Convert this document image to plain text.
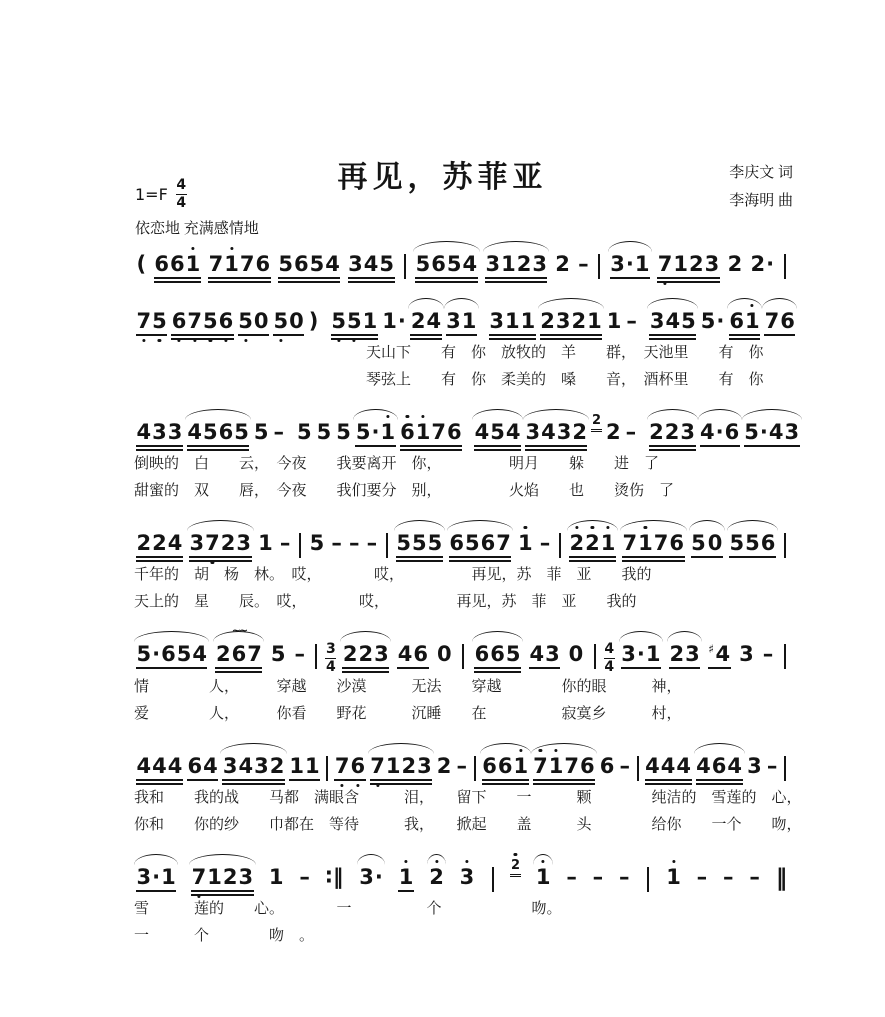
再见，苏菲亚	李庆文 词
李海明 曲
1=F 4
4
依恋地 充满感情地
( 6 6 1 7 1 7 6 5 6 5 4 3 4 5 5 6 5 4 3 1 2 3 2 – 3 · 1 7 1 2 3 2 2 ·
7 5 6 7 5 6 5 0 5 0 ) 5 5 1 1 · 2 4 3 1 3 1 1 2 3 2 1 1 – 3 4 5 5 · 6 1 7 6
天山下　　有　你　放牧的　羊　　群，　天池里　　有　你
琴弦上　　有　你　柔美的　嗓　　音，　酒杯里　　有　你
4 3 3 4 5 6 5 5 – 5 5 5 5 · 1 6 1 7 6 4 5 4 3 4 3 2 2 2 – 2 2 3 4 · 6 5 · 4 3
倒映的　白　　云，　今夜　　我要离开　你，　　　　　明月　　躲　　进　了
甜蜜的　双　　唇，　今夜　　我们要分　别，　　　　　火焰　　也　　烫伤　了
2 2 4 3 7 2 3 1 – 5 – – – 5 5 5 6 5 6 7 1 – 2 2 1 7 1 7 6 5 0 5 5 6
千年的　胡　杨　林。　哎，　　　　哎，　　　　　再见，苏　菲　亚　　我的
天上的　星　　辰。　哎，　　　　哎，　　　　　再见，苏　菲　亚　　我的
5 · 6 5 4
~~
2 6 7 5 – 3
4
2 2 3 4 6 0 6 6 5 4 3 0 4
4
3 · 1 2 3 ♯ 4 3 –
情　　　　人，　　　穿越　　沙漠　　　无法　　穿越　　　　你的眼　　　神，
爱　　　　人，　　　你看　　野花　　　沉睡　　在　　　　　寂寞乡　　　村，
4 4 4 6 4 3 4 3 2 1 1 7 6 7 1 2 3 2 – 6 6 1 7 1 7 6 6 – 4 4 4 4 6 4 3 –
我和　　我的战　　马都　满眼含　　　泪，　　留下　　一　　　颗　　　　纯洁的　雪莲的　心，
你和　　你的纱　　巾都在　等待　　　我，　　掀起　　盖　　　头　　　　给你　　一个　　吻，
3 · 1 7 1 2 3 1 – ∶ ‖ 3 · 1 2 3	2 1 – – – 1 – – – ‖
雪　　　莲的　　心。　　　　一　　　　　个　　　　　　吻。
一　　　个　　　　吻　。
